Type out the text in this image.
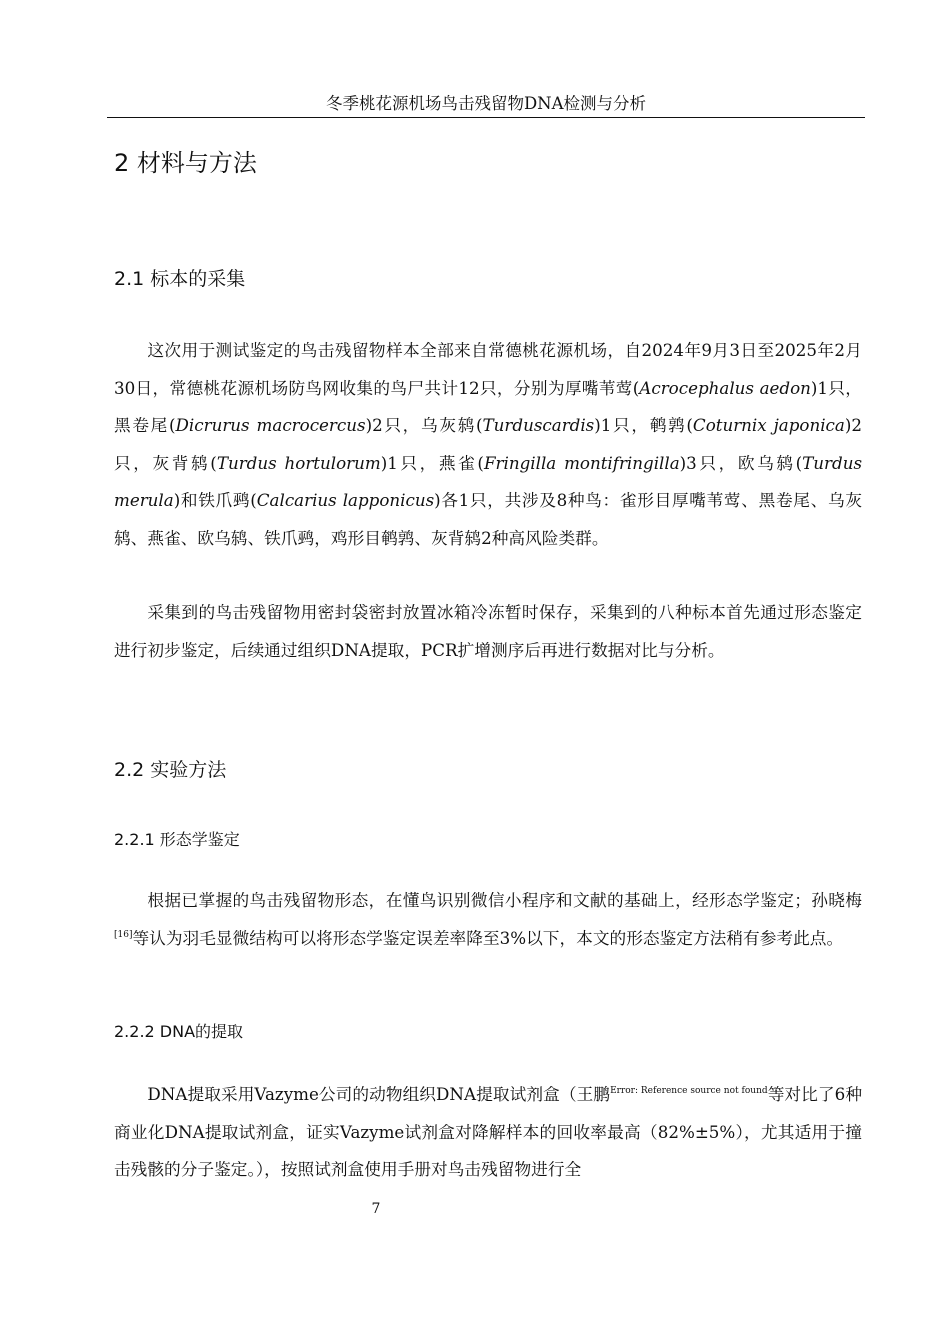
冬季桃花源机场鸟击残留物DNA检测与分析
2 材料与方法
2.1 标本的采集

这次用于测试鉴定的鸟击残留物样本全部来自常德桃花源机场，自2024年9月3日至2025年2月30日，常德桃花源机场防鸟网收集的鸟尸共计12只，分别为厚嘴苇莺(Acrocephalus aedon)1只，黑卷尾(Dicrurus macrocercus)2只，乌灰鸫(Turduscardis)1只，鹌鹑(Coturnix japonica)2只，灰背鸫(Turdus hortulorum)1只，燕雀(Fringilla montifringilla)3只，欧乌鸫(Turdus merula)和铁爪鹀(Calcarius lapponicus)各1只，共涉及8种鸟：雀形目厚嘴苇莺、黑卷尾、乌灰鸫、燕雀、欧乌鸫、铁爪鹀，鸡形目鹌鹑、灰背鸫2种高风险类群。

采集到的鸟击残留物用密封袋密封放置冰箱冷冻暂时保存，采集到的八种标本首先通过形态鉴定进行初步鉴定，后续通过组织DNA提取，PCR扩增测序后再进行数据对比与分析。

2.2 实验方法
2.2.1 形态学鉴定

根据已掌握的鸟击残留物形态，在懂鸟识别微信小程序和文献的基础上，经形态学鉴定；孙晓梅[16]等认为羽毛显微结构可以将形态学鉴定误差率降至3%以下，本文的形态鉴定方法稍有参考此点。

2.2.2 DNA的提取

DNA提取采用Vazyme公司的动物组织DNA提取试剂盒（王鹏$^{Error: Reference source not found}$等对比了6种商业化DNA提取试剂盒，证实Vazyme试剂盒对降解样本的回收率最高（82%±5%），尤其适用于撞击残骸的分子鉴定。），按照试剂盒使用手册对鸟击残留物进行全

7
